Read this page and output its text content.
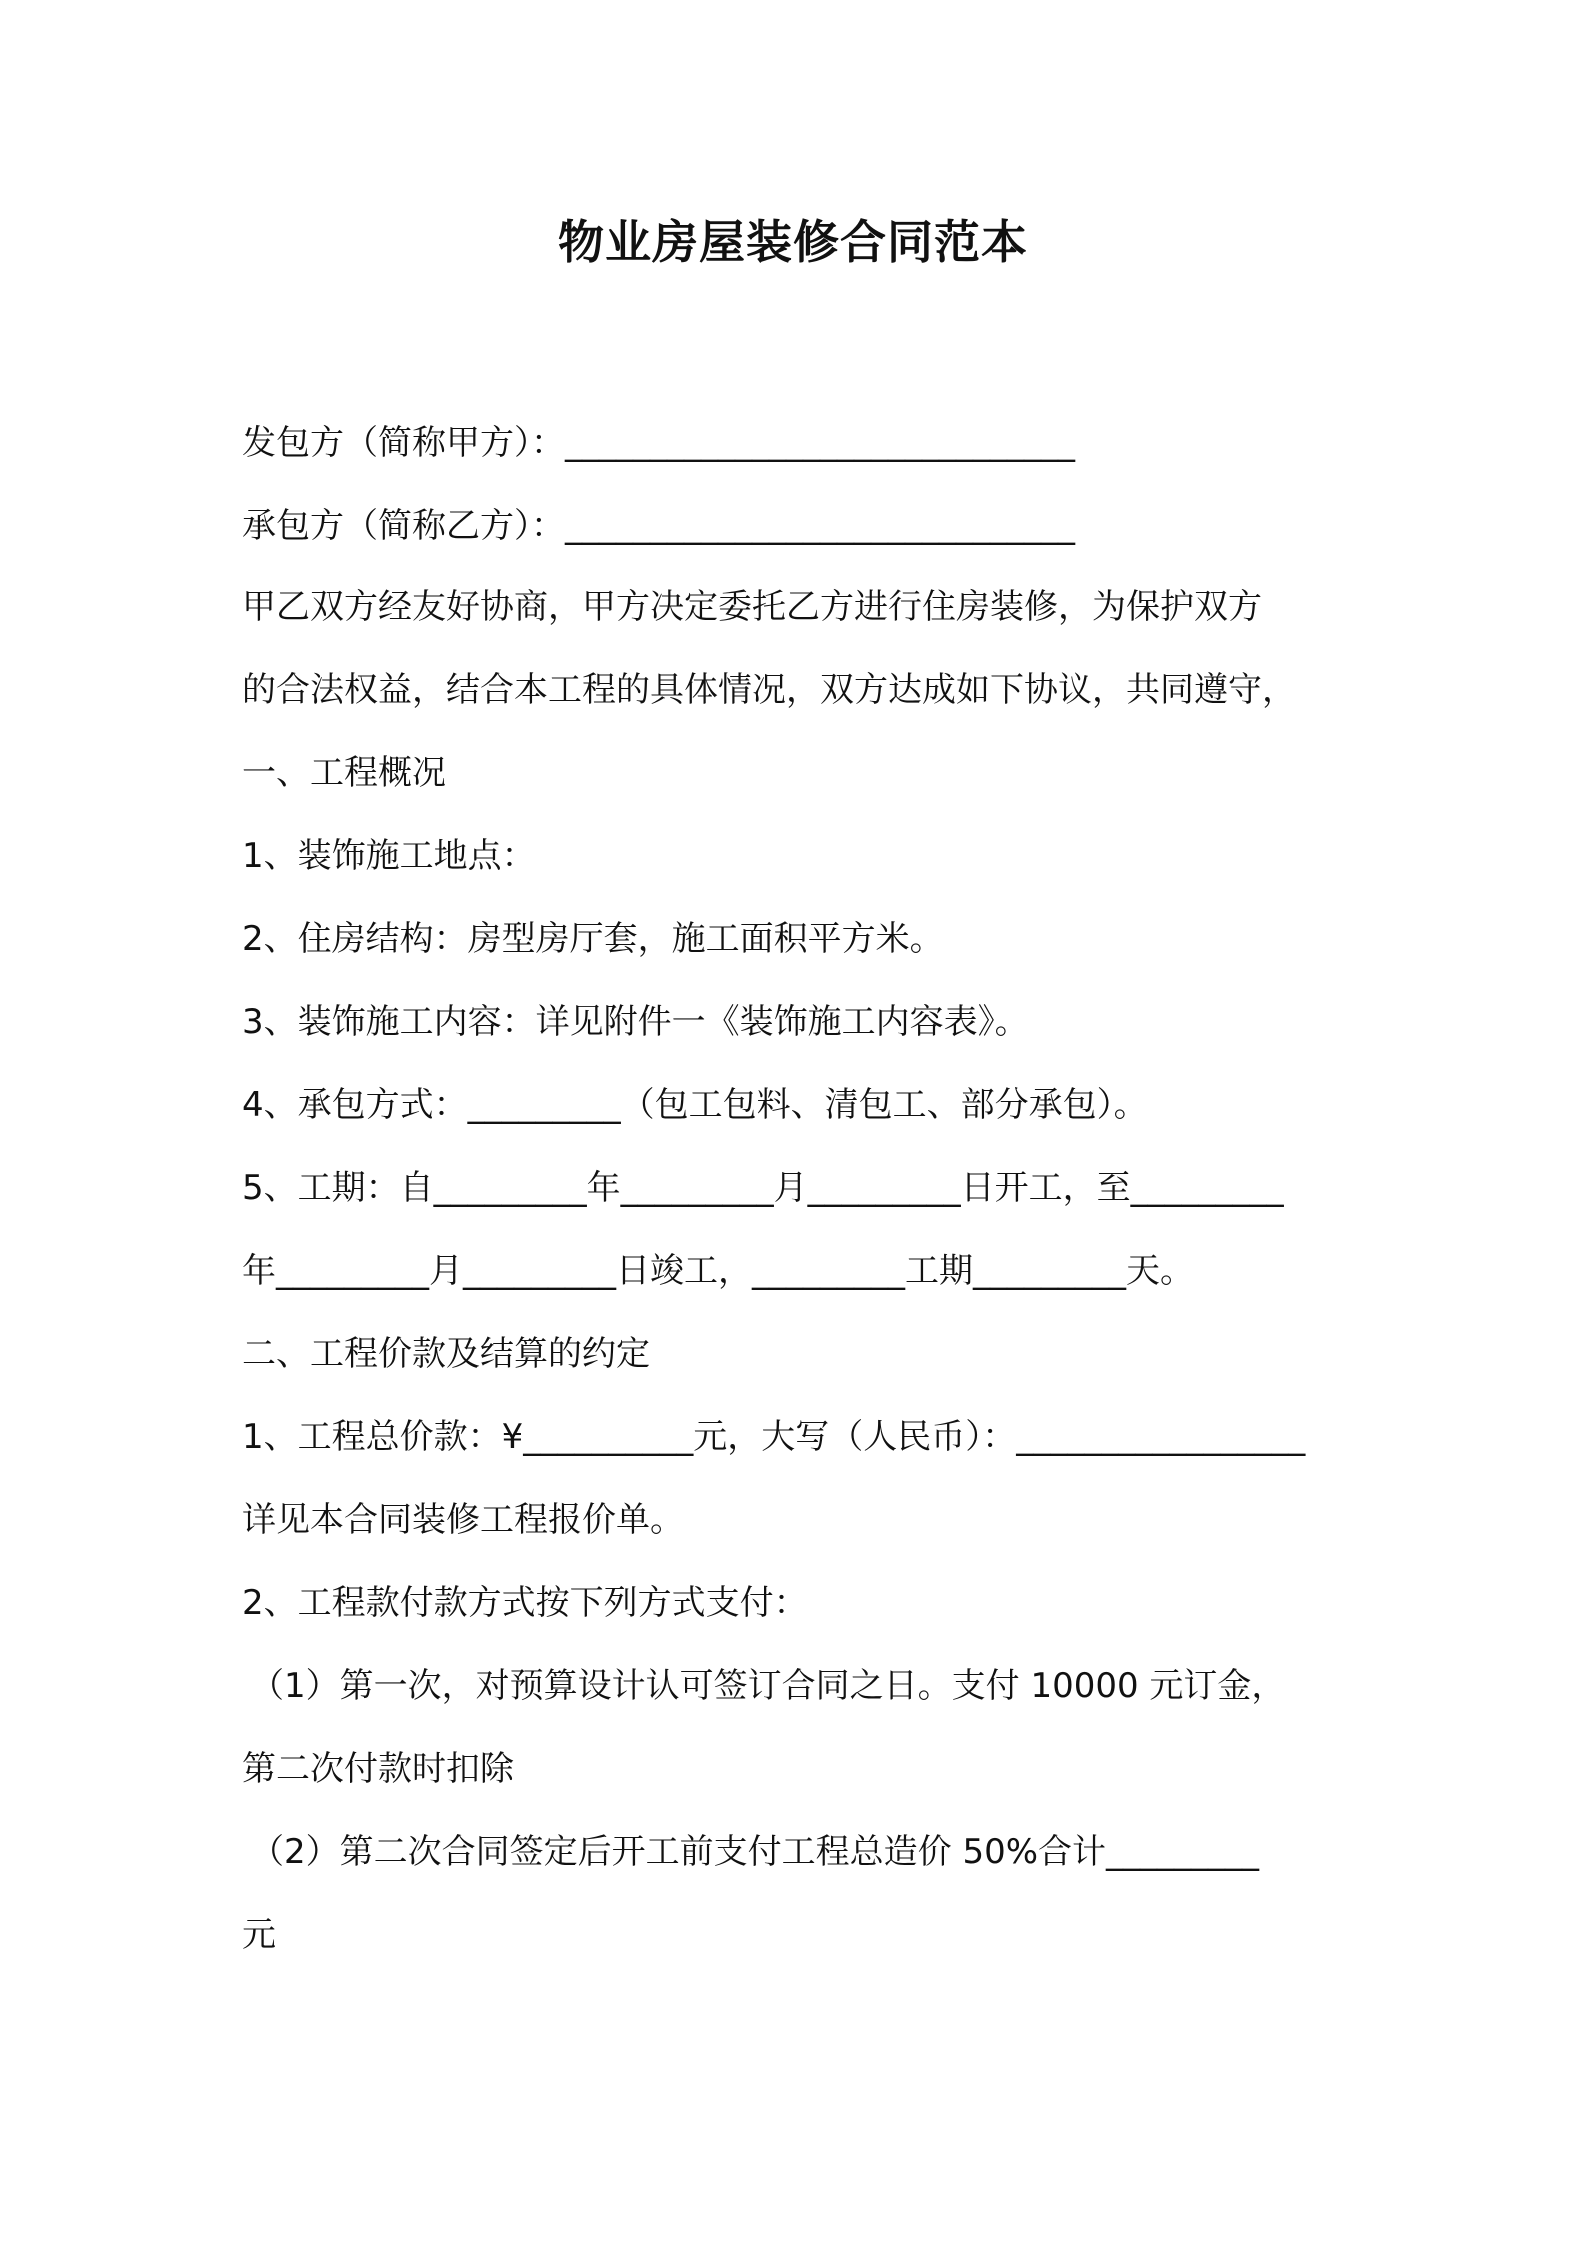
物业房屋装修合同范本
发包方（简称甲方）：______________________________
承包方（简称乙方）：______________________________
甲乙双方经友好协商，甲方决定委托乙方进行住房装修，为保护双方
的合法权益，结合本工程的具体情况，双方达成如下协议，共同遵守，
一、工程概况
1、装饰施工地点：
2、住房结构：房型房厅套，施工面积平方米。
3、装饰施工内容：详见附件一《装饰施工内容表》。
4、承包方式：_________（包工包料、清包工、部分承包）。
5、工期：自_________年_________月_________日开工，至_________
年_________月_________日竣工，_________工期_________天。
二、工程价款及结算的约定
1、工程总价款：¥__________元，大写（人民币）：_________________
详见本合同装修工程报价单。
2、工程款付款方式按下列方式支付：
（1）第一次，对预算设计认可签订合同之日。支付 10000 元订金，
第二次付款时扣除
（2）第二次合同签定后开工前支付工程总造价 50%合计_________
元
